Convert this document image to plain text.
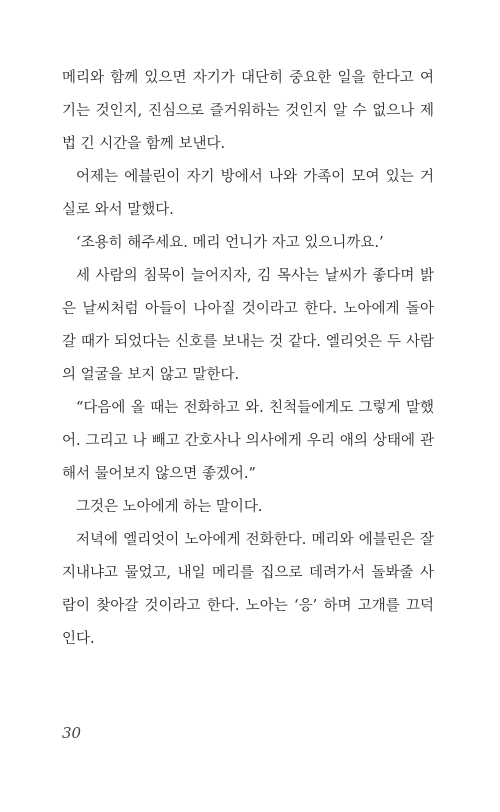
메리와 함께 있으면 자기가 대단히 중요한 일을 한다고 여기는 것인지, 진심으로 즐거워하는 것인지 알 수 없으나 제법 긴 시간을 함께 보낸다.

어제는 에블린이 자기 방에서 나와 가족이 모여 있는 거실로 와서 말했다.

‘조용히 해주세요. 메리 언니가 자고 있으니까요.’

세 사람의 침묵이 늘어지자, 김 목사는 날씨가 좋다며 밝은 날씨처럼 아들이 나아질 것이라고 한다. 노아에게 돌아갈 때가 되었다는 신호를 보내는 것 같다. 엘리엇은 두 사람의 얼굴을 보지 않고 말한다.

“다음에 올 때는 전화하고 와. 친척들에게도 그렇게 말했어. 그리고 나 빼고 간호사나 의사에게 우리 애의 상태에 관해서 물어보지 않으면 좋겠어.”

그것은 노아에게 하는 말이다.

저녁에 엘리엇이 노아에게 전화한다. 메리와 에블린은 잘 지내냐고 물었고, 내일 메리를 집으로 데려가서 돌봐줄 사람이 찾아갈 것이라고 한다. 노아는 ‘응’ 하며 고개를 끄덕인다.

30
